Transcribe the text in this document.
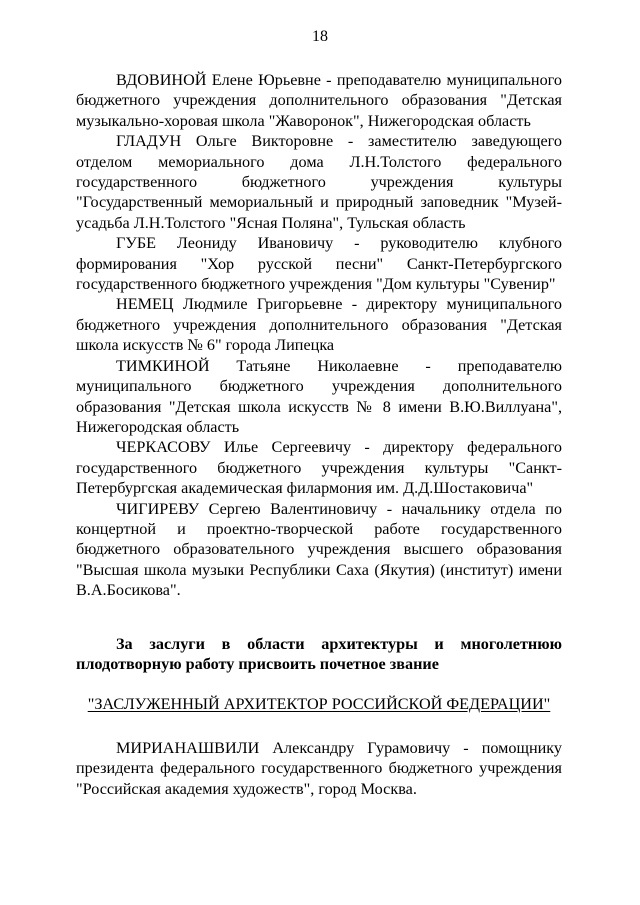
18

ВДОВИНОЙ Елене Юрьевне - преподавателю муниципального бюджетного учреждения дополнительного образования "Детская музыкально-хоровая школа "Жаворонок", Нижегородская область

ГЛАДУН Ольге Викторовне - заместителю заведующего отделом мемориального дома Л.Н.Толстого федерального государственного бюджетного учреждения культуры "Государственный мемориальный и природный заповедник "Музей-усадьба Л.Н.Толстого "Ясная Поляна", Тульская область

ГУБЕ Леониду Ивановичу - руководителю клубного формирования "Хор русской песни" Санкт-Петербургского государственного бюджетного учреждения "Дом культуры "Сувенир"

НЕМЕЦ Людмиле Григорьевне - директору муниципального бюджетного учреждения дополнительного образования "Детская школа искусств № 6" города Липецка

ТИМКИНОЙ Татьяне Николаевне - преподавателю муниципального бюджетного учреждения дополнительного образования "Детская школа искусств № 8 имени В.Ю.Виллуана", Нижегородская область

ЧЕРКАСОВУ Илье Сергеевичу - директору федерального государственного бюджетного учреждения культуры "Санкт-Петербургская академическая филармония им. Д.Д.Шостаковича"

ЧИГИРЕВУ Сергею Валентиновичу - начальнику отдела по концертной и проектно-творческой работе государственного бюджетного образовательного учреждения высшего образования "Высшая школа музыки Республики Саха (Якутия) (институт) имени В.А.Босикова".

За заслуги в области архитектуры и многолетнюю плодотворную работу присвоить почетное звание

"ЗАСЛУЖЕННЫЙ АРХИТЕКТОР РОССИЙСКОЙ ФЕДЕРАЦИИ"

МИРИАНАШВИЛИ Александру Гурамовичу - помощнику президента федерального государственного бюджетного учреждения "Российская академия художеств", город Москва.
